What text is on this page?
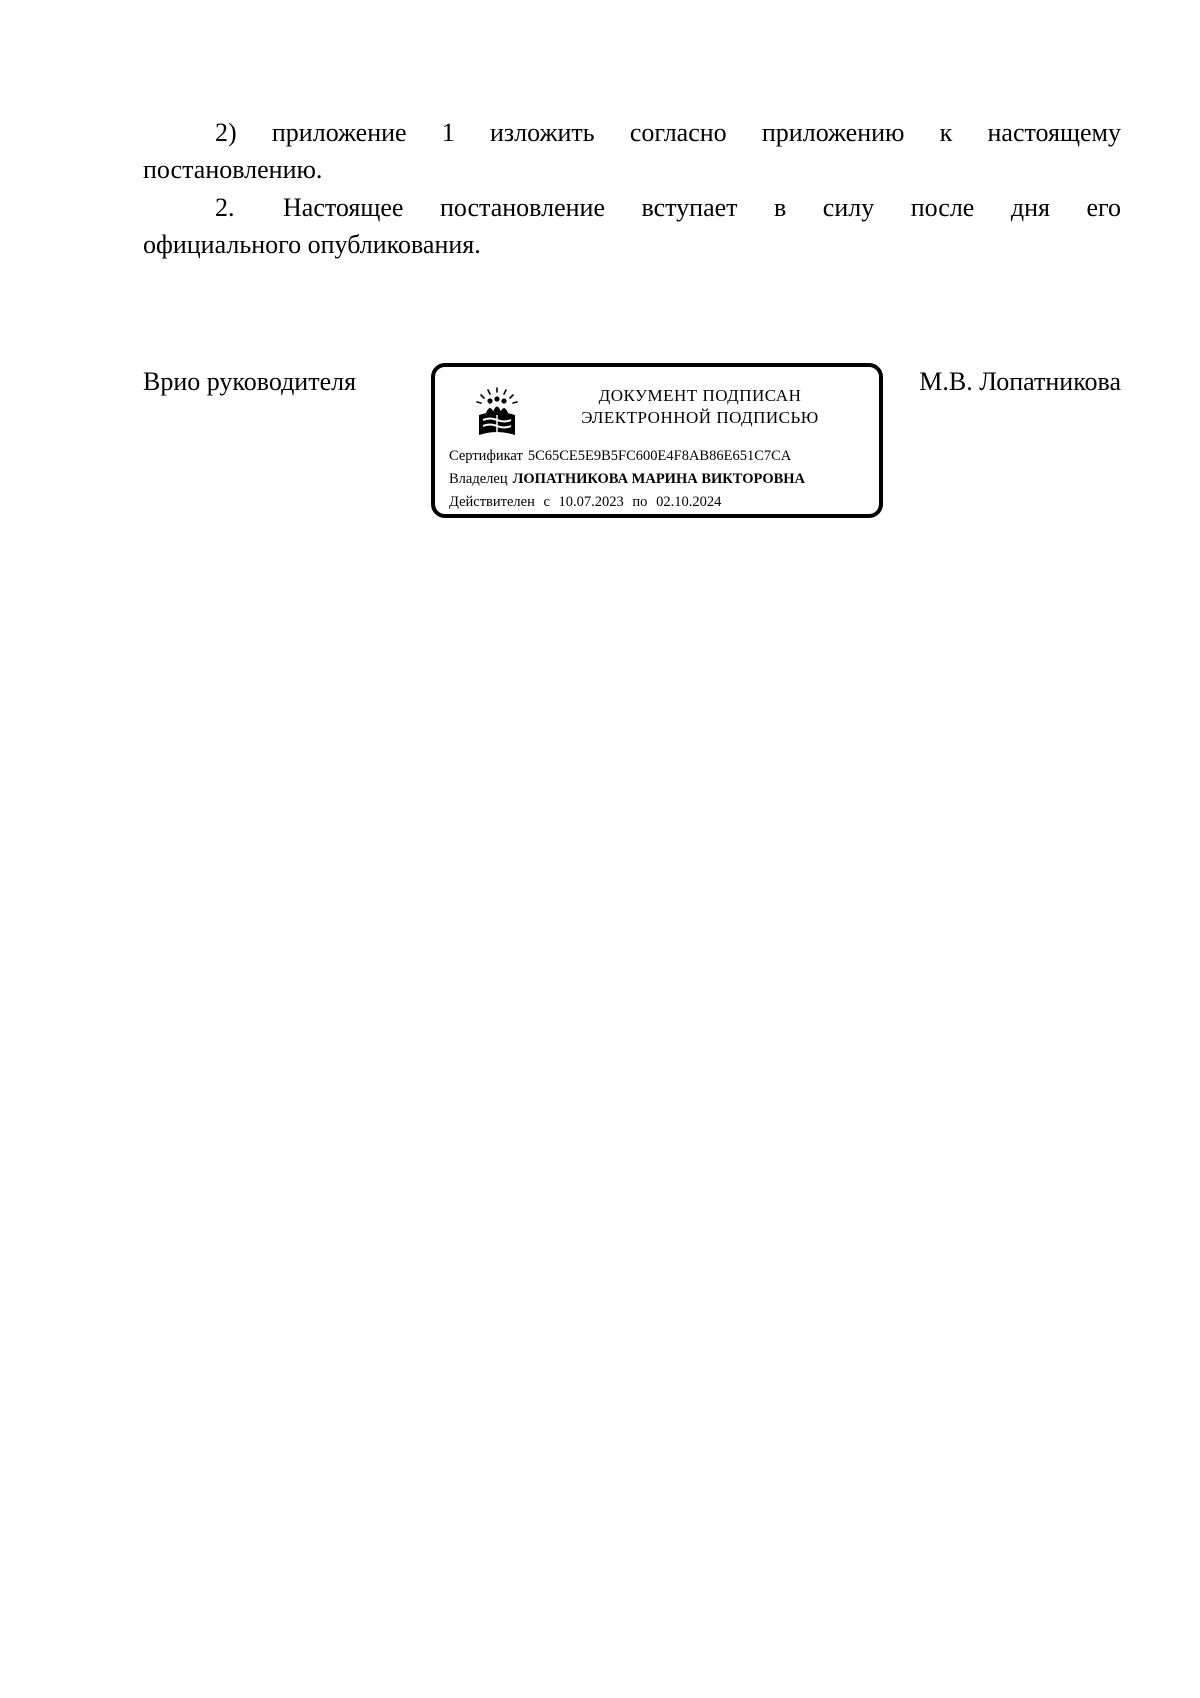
2) приложение 1 изложить согласно приложению к настоящему
постановлению.

2. Настоящее постановление вступает в силу после дня его
официального опубликования.

Врио руководителя	М.В. Лопатникова
ДОКУМЕНТ ПОДПИСАН
ЭЛЕКТРОННОЙ ПОДПИСЬЮ
Сертификат 5C65CE5E9B5FC600E4F8AB86E651C7CA
Владелец ЛОПАТНИКОВА МАРИНА ВИКТОРОВНА
Действителен с 10.07.2023 по 02.10.2024
